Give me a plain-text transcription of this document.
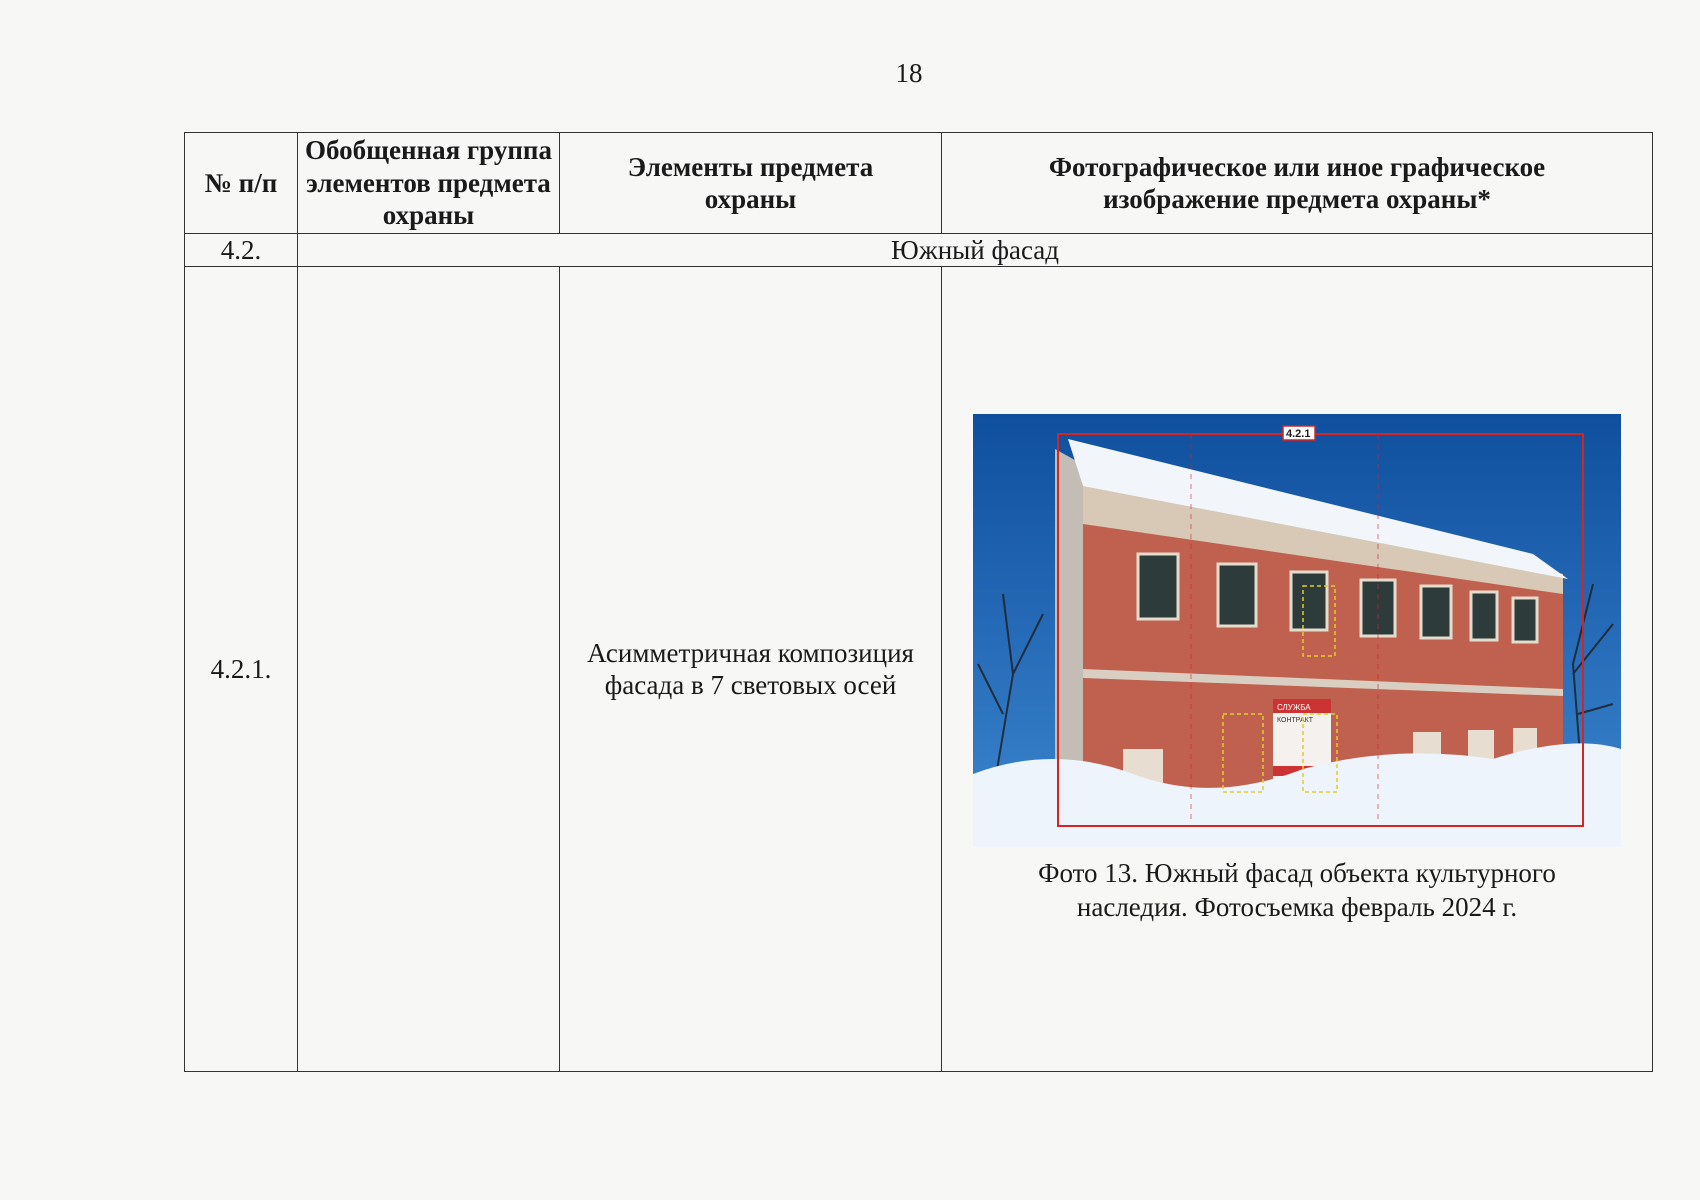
18
№ п/п	Обобщенная группа элементов предмета охраны	Элементы предмета охраны	Фотографическое или иное графическое изображение предмета охраны*
4.2.	Южный фасад		
4.2.1.		Асимметричная композиция фасада в 7 световых осей	СЛУЖБА
КОНТРАКТ
4.2.1
Фото 13. Южный фасад объекта культурного наследия. Фотосъемка февраль 2024 г.
